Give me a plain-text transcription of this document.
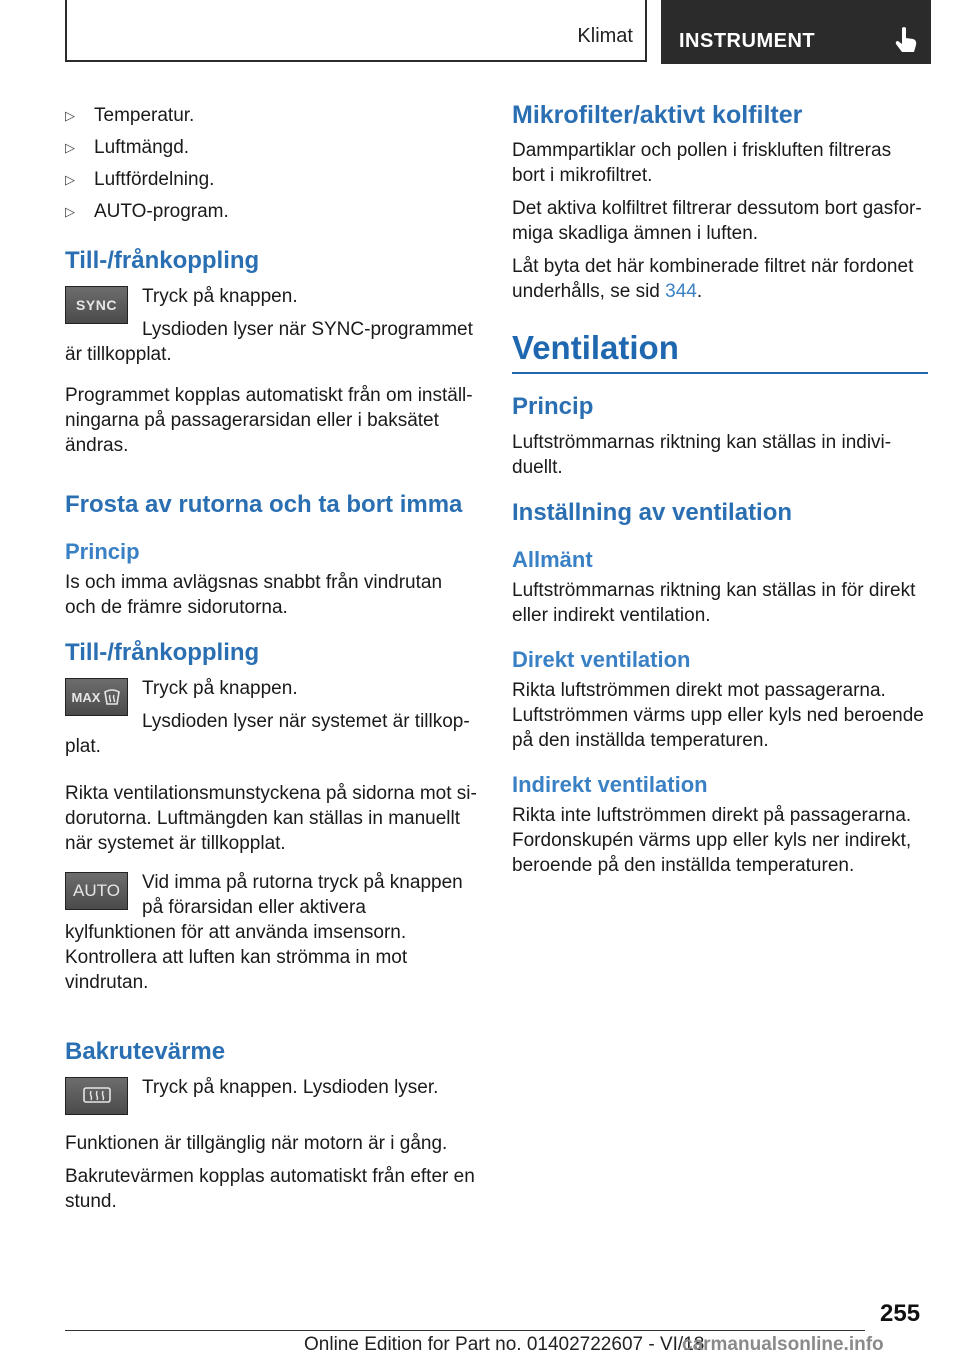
Klimat INSTRUMENT
▷ Temperatur.
▷ Luftmängd.
▷ Luftfördelning.
▷ AUTO-program.
Till-/frånkoppling
SYNC	Tryck på knappen.

Lysdioden lyser när SYNC-programmet är tillkopplat.

Programmet kopplas automatiskt från om inställningarna på passagerarsidan eller i baksätet ändras.

Frosta av rutorna och ta bort imma
Princip

Is och imma avlägsnas snabbt från vindrutan och de främre sidorutorna.

Till-/frånkoppling
MAX	Tryck på knappen.

Lysdioden lyser när systemet är tillkopplat.

Rikta ventilationsmunstyckena på sidorna mot sidorutorna. Luftmängden kan ställas in manuellt när systemet är tillkopplat.

AUTO	Vid imma på rutorna tryck på knappen på förarsidan eller aktivera kylfunktionen för att använda imsensorn. Kontrollera att luften kan strömma in mot vindrutan.

Bakrutevärme

Tryck på knappen. Lysdioden lyser.

Funktionen är tillgänglig när motorn är i gång.

Bakrutevärmen kopplas automatiskt från efter en stund.

Mikrofilter/aktivt kolfilter

Dammpartiklar och pollen i friskluften filtreras bort i mikrofiltret.

Det aktiva kolfiltret filtrerar dessutom bort gasformiga skadliga ämnen i luften.

Låt byta det här kombinerade filtret när fordonet underhålls, se sid 344.

Ventilation
Princip

Luftströmmarnas riktning kan ställas in individuellt.

Inställning av ventilation
Allmänt

Luftströmmarnas riktning kan ställas in för direkt eller indirekt ventilation.

Direkt ventilation

Rikta luftströmmen direkt mot passagerarna. Luftströmmen värms upp eller kyls ned beroende på den inställda temperaturen.

Indirekt ventilation

Rikta inte luftströmmen direkt på passagerarna. Fordonskupén värms upp eller kyls ner indirekt, beroende på den inställda temperaturen.

255
Online Edition for Part no. 01402722607 - VI/18
carmanualsonline.info
